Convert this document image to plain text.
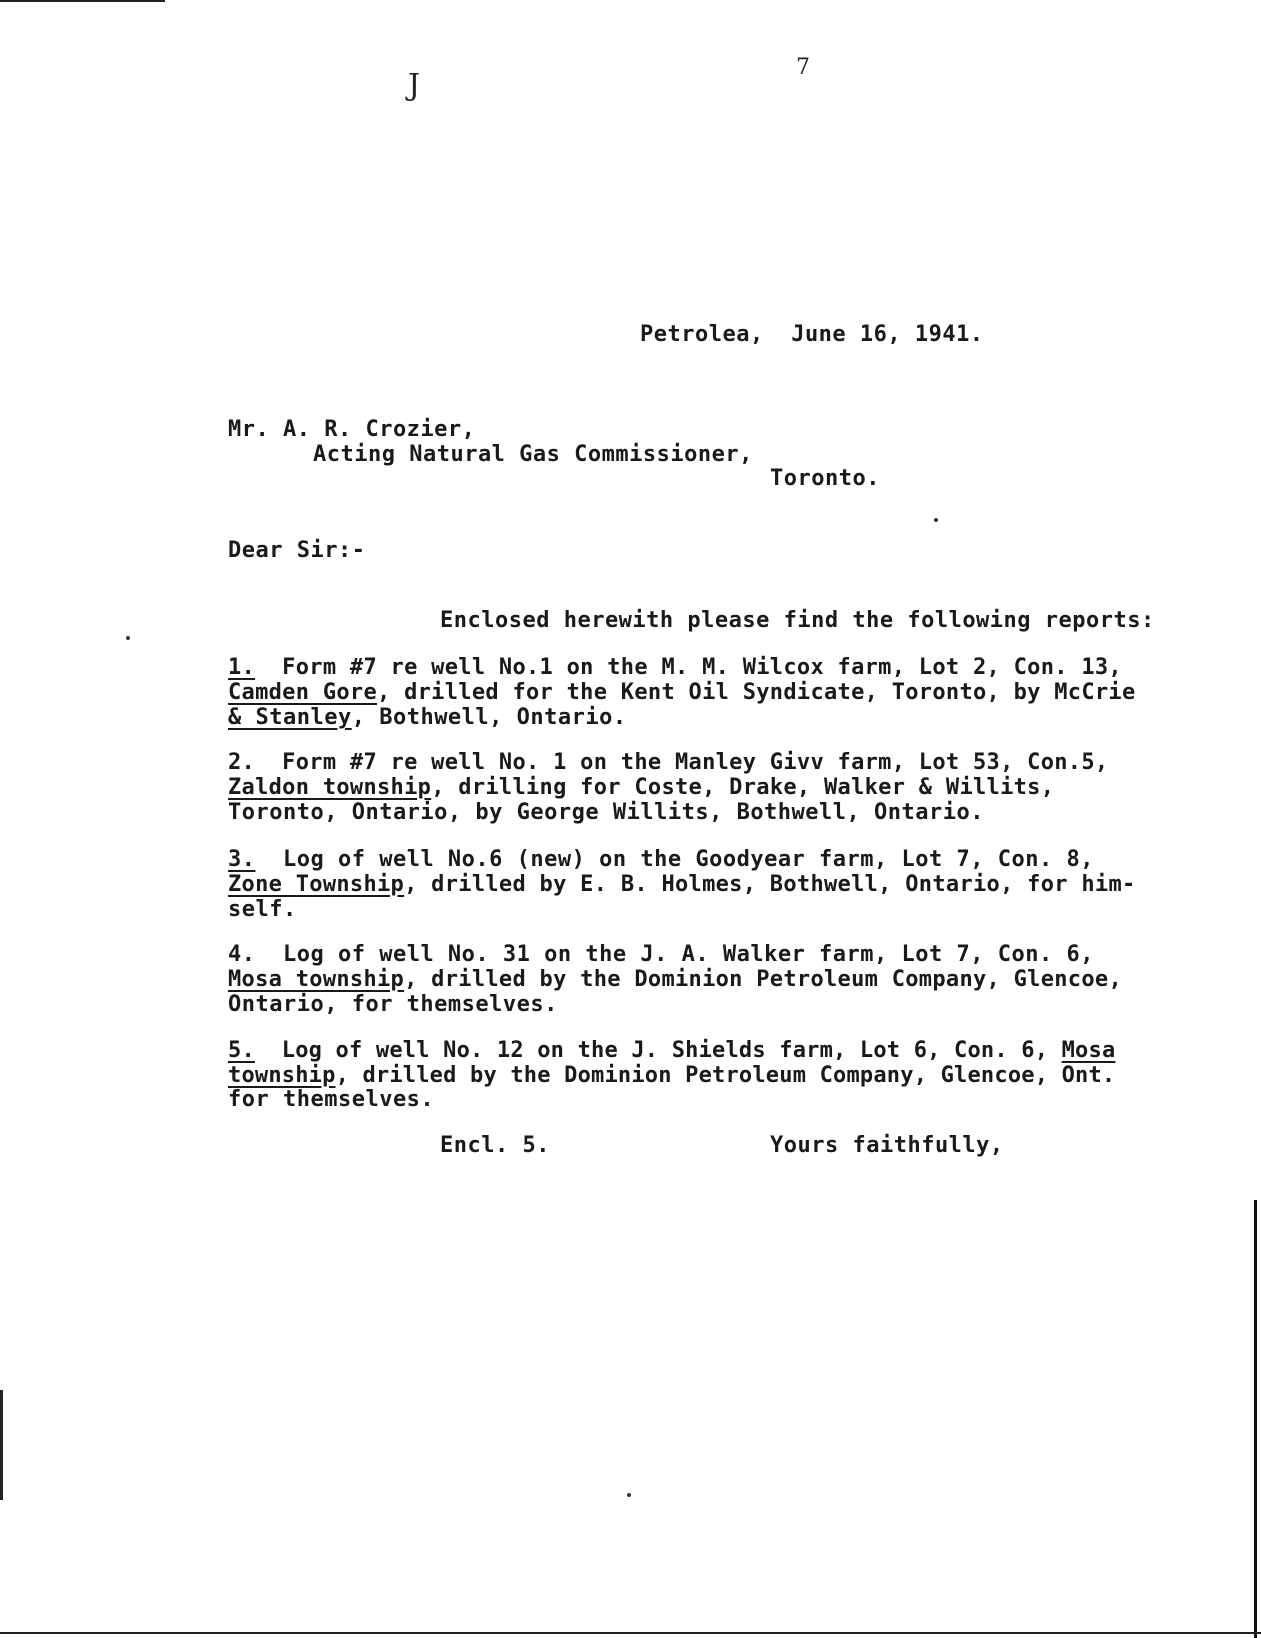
J
7
Petrolea,  June 16, 1941.
Mr. A. R. Crozier,
Acting Natural Gas Commissioner,
Toronto.
Dear Sir:-
Enclosed herewith please find the following reports:
1.  Form #7 re well No.1 on the M. M. Wilcox farm, Lot 2, Con. 13,
Camden Gore, drilled for the Kent Oil Syndicate, Toronto, by McCrie
& Stanley, Bothwell, Ontario.
2.  Form #7 re well No. 1 on the Manley Givv farm, Lot 53, Con.5,
Zaldon township, drilling for Coste, Drake, Walker & Willits,
Toronto, Ontario, by George Willits, Bothwell, Ontario.
3.  Log of well No.6 (new) on the Goodyear farm, Lot 7, Con. 8,
Zone Township, drilled by E. B. Holmes, Bothwell, Ontario, for him-
self.
4.  Log of well No. 31 on the J. A. Walker farm, Lot 7, Con. 6,
Mosa township, drilled by the Dominion Petroleum Company, Glencoe,
Ontario, for themselves.
5.  Log of well No. 12 on the J. Shields farm, Lot 6, Con. 6, Mosa
township, drilled by the Dominion Petroleum Company, Glencoe, Ont.
for themselves.
Encl. 5.	Yours faithfully,
